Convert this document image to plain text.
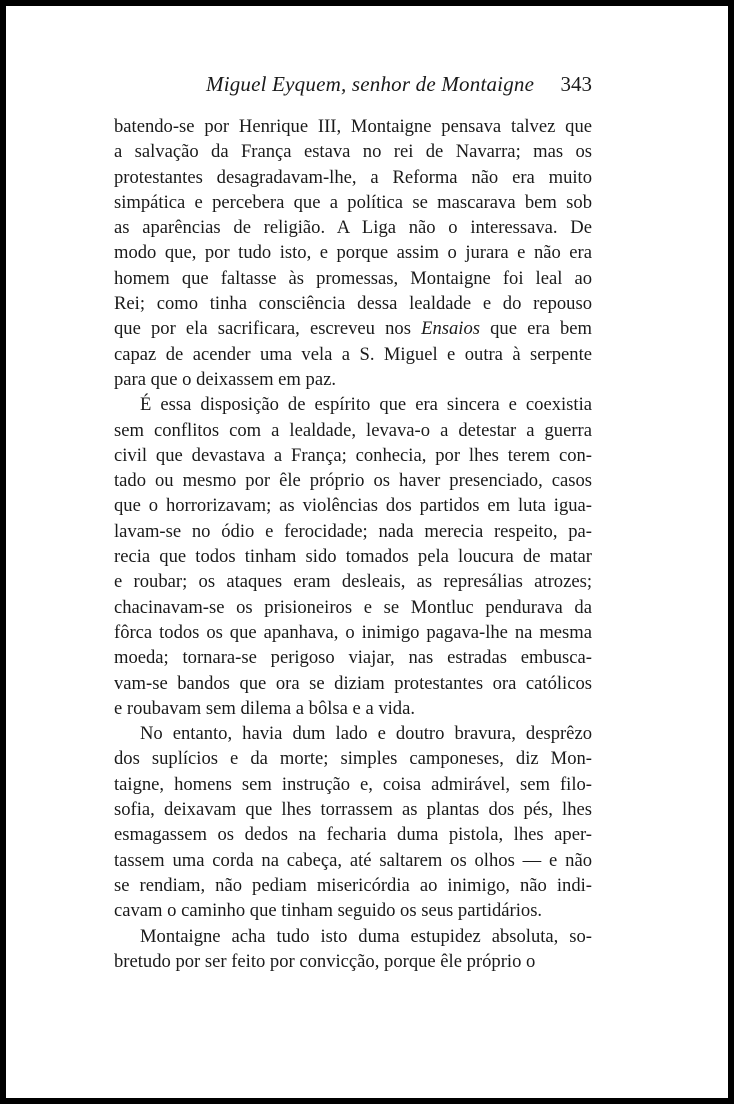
Miguel Eyquem, senhor de Montaigne 343
batendo-se por Henrique III, Montaigne pensava talvez que
a salvação da França estava no rei de Navarra; mas os
protestantes desagradavam-lhe, a Reforma não era muito
simpática e percebera que a política se mascarava bem sob
as aparências de religião. A Liga não o interessava. De
modo que, por tudo isto, e porque assim o jurara e não era
homem que faltasse às promessas, Montaigne foi leal ao
Rei; como tinha consciência dessa lealdade e do repouso
que por ela sacrificara, escreveu nos Ensaios que era bem
capaz de acender uma vela a S. Miguel e outra à serpente
para que o deixassem em paz.
É essa disposição de espírito que era sincera e coexistia
sem conflitos com a lealdade, levava-o a detestar a guerra
civil que devastava a França; conhecia, por lhes terem con-
tado ou mesmo por êle próprio os haver presenciado, casos
que o horrorizavam; as violências dos partidos em luta igua-
lavam-se no ódio e ferocidade; nada merecia respeito, pa-
recia que todos tinham sido tomados pela loucura de matar
e roubar; os ataques eram desleais, as represálias atrozes;
chacinavam-se os prisioneiros e se Montluc pendurava da
fôrca todos os que apanhava, o inimigo pagava-lhe na mesma
moeda; tornara-se perigoso viajar, nas estradas embusca-
vam-se bandos que ora se diziam protestantes ora católicos
e roubavam sem dilema a bôlsa e a vida.
No entanto, havia dum lado e doutro bravura, desprêzo
dos suplícios e da morte; simples camponeses, diz Mon-
taigne, homens sem instrução e, coisa admirável, sem filo-
sofia, deixavam que lhes torrassem as plantas dos pés, lhes
esmagassem os dedos na fecharia duma pistola, lhes aper-
tassem uma corda na cabeça, até saltarem os olhos — e não
se rendiam, não pediam misericórdia ao inimigo, não indi-
cavam o caminho que tinham seguido os seus partidários.
Montaigne acha tudo isto duma estupidez absoluta, so-
bretudo por ser feito por convicção, porque êle próprio o
